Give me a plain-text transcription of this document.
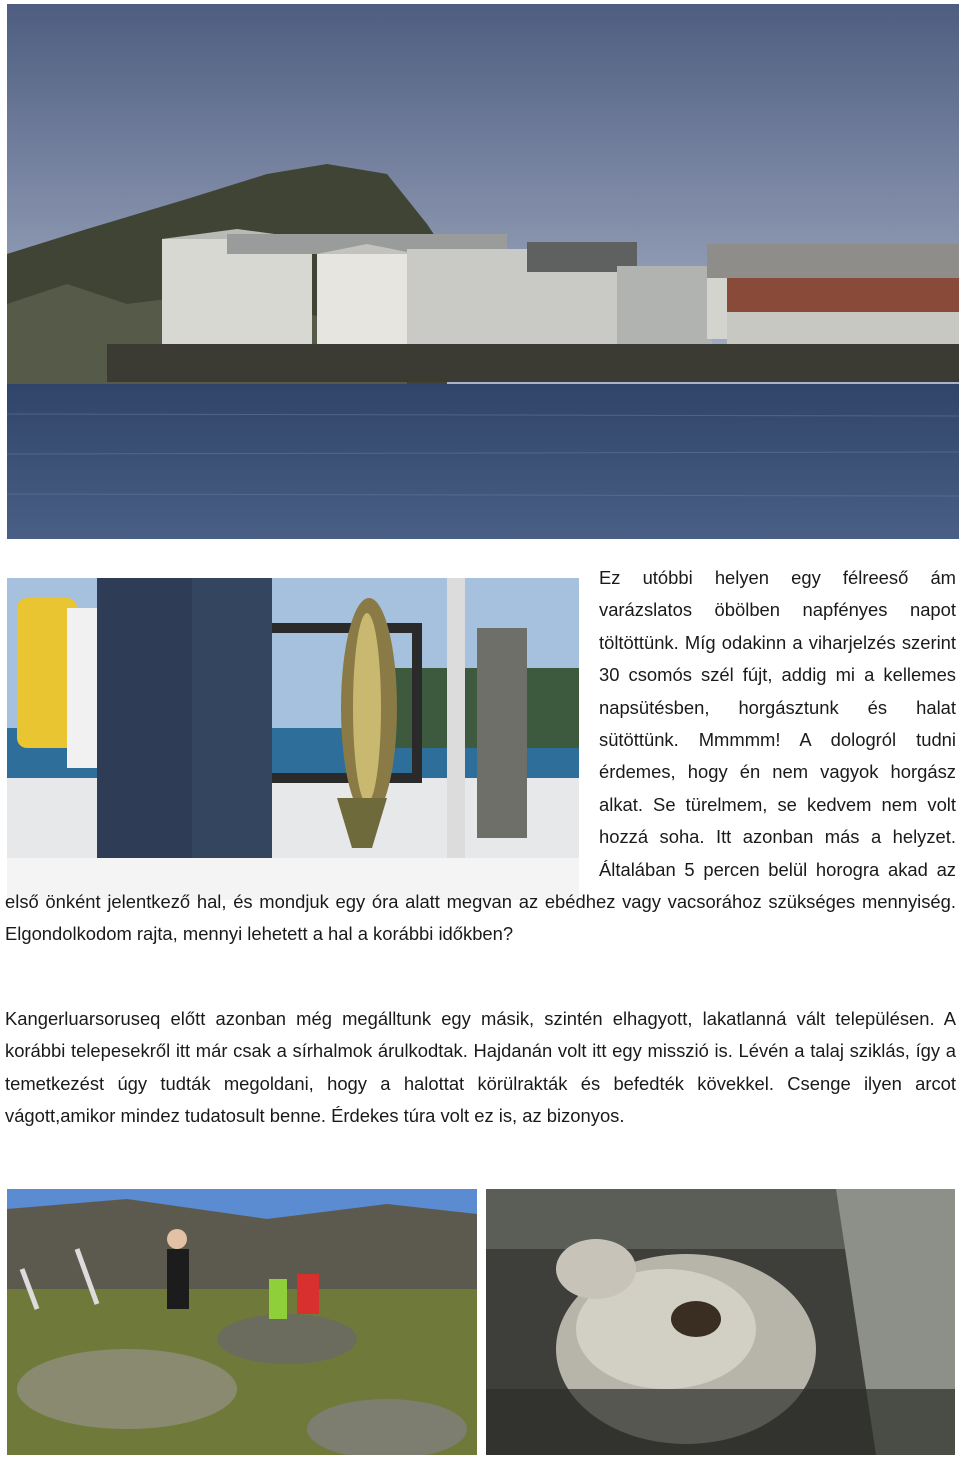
Ez utóbbi helyen egy félreeső ám varázslatos öbölben napfényes napot töltöttünk. Míg odakinn a viharjelzés szerint 30 csomós szél fújt, addig mi a kellemes napsütésben, horgásztunk és halat sütöttünk. Mmmmm! A dologról tudni érdemes, hogy én nem vagyok horgász alkat. Se türelmem, se kedvem nem volt hozzá soha. Itt azonban más a helyzet. Általában 5 percen belül horogra akad az első önként jelentkező hal, és mondjuk egy óra alatt megvan az ebédhez vagy vacsorához szükséges mennyiség. Elgondolkodom rajta, mennyi lehetett a hal a korábbi időkben?
Kangerluarsoruseq előtt azonban még megálltunk egy másik, szintén elhagyott, lakatlanná vált településen. A korábbi telepesekről itt már csak a sírhalmok árulkodtak. Hajdanán volt itt egy misszió is. Lévén a talaj sziklás, így a temetkezést úgy tudták megoldani, hogy a halottat körülrakták és befedték kövekkel. Csenge ilyen arcot vágott,amikor mindez tudatosult benne. Érdekes túra volt ez is, az bizonyos.
